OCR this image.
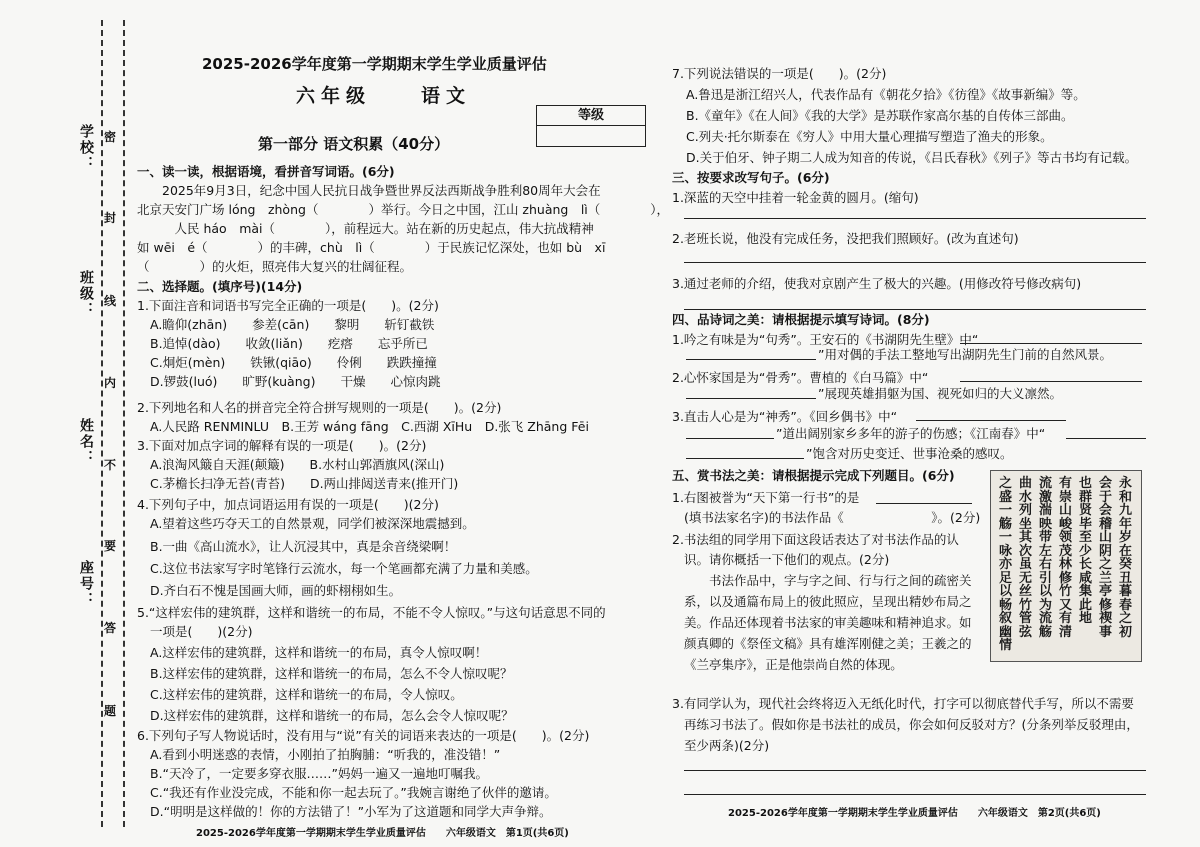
学校：
班级：
姓名：
座号：
密
封
线
内
不
要
答
题
2025-2026学年度第一学期期末学生学业质量评估
六年级　　语文
等级
第一部分 语文积累（40分）
一、读一读，根据语境，看拼音写词语。(6分)
　　2025年9月3日，纪念中国人民抗日战争暨世界反法西斯战争胜利80周年大会在
北京天安门广场 lóng　zhòng（　　　　）举行。今日之中国，江山 zhuàng　lì（　　　　），
　　　人民 háo　mài（　　　　），前程远大。站在新的历史起点，伟大抗战精神
如 wēi　é（　　　　）的丰碑，chù　lì（　　　　）于民族记忆深处，也如 bù　xī
（　　　　）的火炬，照亮伟大复兴的壮阔征程。
二、选择题。(填序号)(14分)
1.下面注音和词语书写完全正确的一项是(　　)。(2分)
A.瞻仰(zhān)　　参差(cān)　　黎明　　斩钉截铁
B.追悼(dào)　　收敛(liǎn)　　疙瘩　　忘乎所已
C.炯炬(mèn)　　铁锹(qiāo)　　伶俐　　跌跌撞撞
D.锣鼓(luó)　　旷野(kuàng)　　干燥　　心惊肉跳
2.下列地名和人名的拼音完全符合拼写规则的一项是(　　)。(2分)
A.人民路 RENMINLU　B.王芳 wáng fāng　C.西湖 XīHu　D.张飞 Zhāng Fēi
3.下面对加点字词的解释有误的一项是(　　)。(2分)
A.浪淘风簸自天涯(颠簸)　　B.水村山郭酒旗风(深山)
C.茅檐长扫净无苔(青苔)　　D.两山排闼送青来(推开门)
4.下列句子中，加点词语运用有误的一项是(　　)(2分)
A.望着这些巧夺天工的自然景观，同学们被深深地震撼到。
B.一曲《高山流水》，让人沉浸其中，真是余音绕梁啊！
C.这位书法家写字时笔锋行云流水，每一个笔画都充满了力量和美感。
D.齐白石不愧是国画大师，画的虾栩栩如生。
5.“这样宏伟的建筑群，这样和谐统一的布局，不能不令人惊叹。”与这句话意思不同的
一项是(　　)(2分)
A.这样宏伟的建筑群，这样和谐统一的布局，真令人惊叹啊！
B.这样宏伟的建筑群，这样和谐统一的布局，怎么不令人惊叹呢？
C.这样宏伟的建筑群，这样和谐统一的布局，令人惊叹。
D.这样宏伟的建筑群，这样和谐统一的布局，怎么会令人惊叹呢？
6.下列句子写人物说话时，没有用与“说”有关的词语来表达的一项是(　　)。(2分)
A.看到小明迷惑的表情，小刚拍了拍胸脯：“听我的，准没错！”
B.“天冷了，一定要多穿衣服……”妈妈一遍又一遍地叮嘱我。
C.“我还有作业没完成，不能和你一起去玩了。”我婉言谢绝了伙伴的邀请。
D.“明明是这样做的！你的方法错了！”小军为了这道题和同学大声争辩。
2025-2026学年度第一学期期末学生学业质量评估　　六年级语文　第1页(共6页)
7.下列说法错误的一项是(　　)。(2分)
A.鲁迅是浙江绍兴人，代表作品有《朝花夕拾》《彷徨》《故事新编》等。
B.《童年》《在人间》《我的大学》是苏联作家高尔基的自传体三部曲。
C.列夫·托尔斯泰在《穷人》中用大量心理描写塑造了渔夫的形象。
D.关于伯牙、钟子期二人成为知音的传说，《吕氏春秋》《列子》等古书均有记载。
三、按要求改写句子。(6分)
1.深蓝的天空中挂着一轮金黄的圆月。(缩句)
2.老班长说，他没有完成任务，没把我们照顾好。(改为直述句)
3.通过老师的介绍，使我对京剧产生了极大的兴趣。(用修改符号修改病句)
四、品诗词之美：请根据提示填写诗词。(8分)
1.吟之有味是为“句秀”。王安石的《书湖阴先生壁》中“
”用对偶的手法工整地写出湖阴先生门前的自然风景。
2.心怀家国是为“骨秀”。曹植的《白马篇》中“
”展现英雄捐躯为国、视死如归的大义凛然。
3.直击人心是为“神秀”。《回乡偶书》中“
”道出阔别家乡多年的游子的伤感；《江南春》中“
”饱含对历史变迁、世事沧桑的感叹。
五、赏书法之美：请根据提示完成下列题目。(6分)
1.右图被誉为“天下第一行书”的是
(填书法家名字)的书法作品《　　　　　　　》。(2分)
2.书法组的同学用下面这段话表达了对书法作品的认
识。请你概括一下他们的观点。(2分)
　　书法作品中，字与字之间、行与行之间的疏密关
系，以及通篇布局上的彼此照应，呈现出精妙布局之
美。作品还体现着书法家的审美趣味和精神追求。如
颜真卿的《祭侄文稿》具有雄浑刚健之美；王羲之的
《兰亭集序》，正是他崇尚自然的体现。
永和九年岁在癸丑暮春之初
会于会稽山阴之兰亭修禊事
也群贤毕至少长咸集此地
有崇山峻领茂林修竹又有清
流激湍映带左右引以为流觞
曲水列坐其次虽无丝竹管弦
之盛一觞一咏亦足以畅叙幽情
3.有同学认为，现代社会终将迈入无纸化时代，打字可以彻底替代手写，所以不需要
再练习书法了。假如你是书法社的成员，你会如何反驳对方？(分条列举反驳理由，
至少两条)(2分)
2025-2026学年度第一学期期末学生学业质量评估　　六年级语文　第2页(共6页)
